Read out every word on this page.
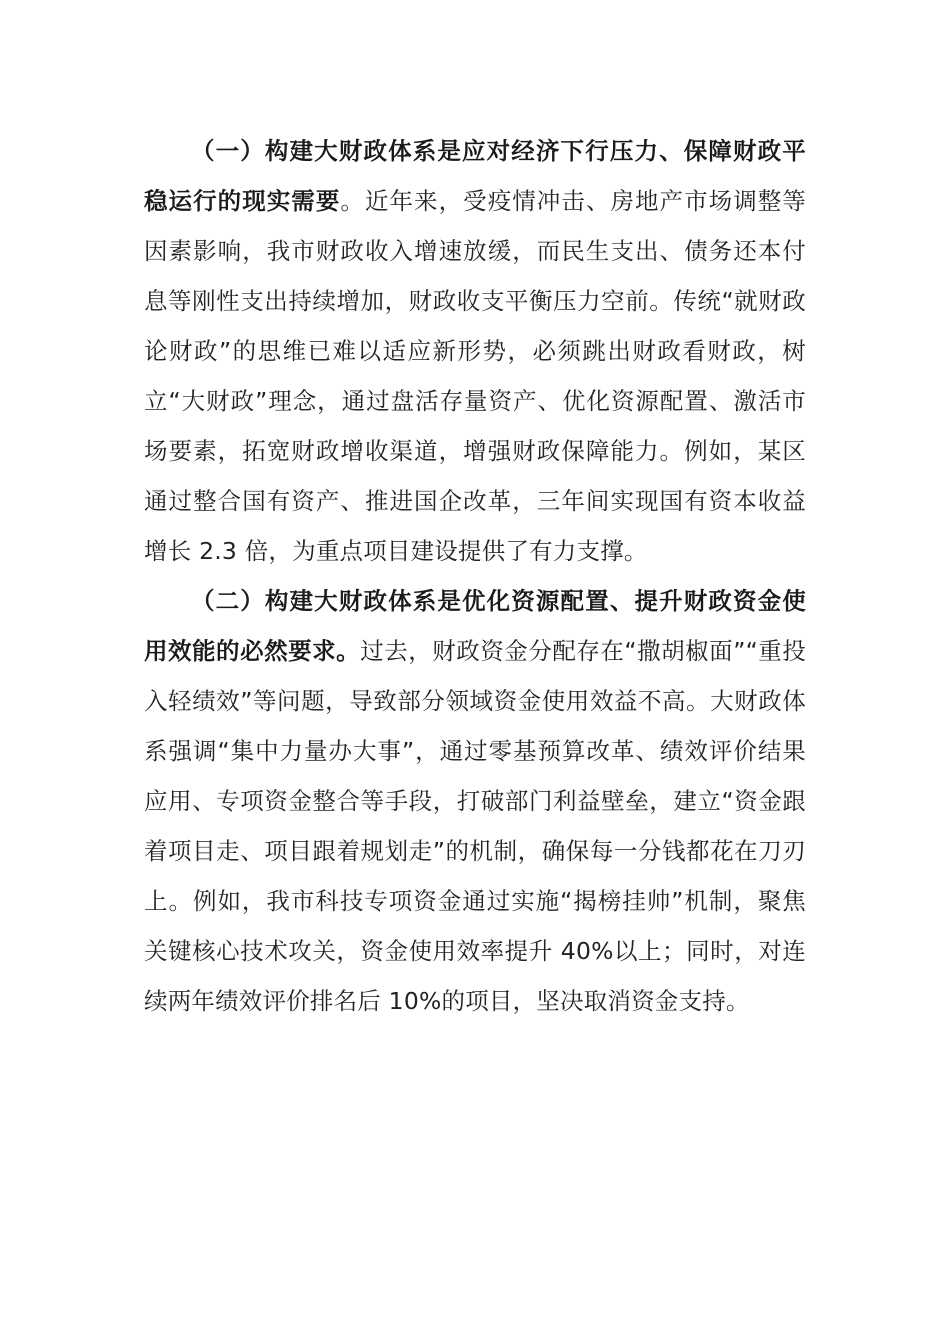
（一）构建大财政体系是应对经济下行压力、保障财政平稳运行的现实需要。近年来，受疫情冲击、房地产市场调整等因素影响，我市财政收入增速放缓，而民生支出、债务还本付息等刚性支出持续增加，财政收支平衡压力空前。传统“就财政论财政”的思维已难以适应新形势，必须跳出财政看财政，树立“大财政”理念，通过盘活存量资产、优化资源配置、激活市场要素，拓宽财政增收渠道，增强财政保障能力。例如，某区通过整合国有资产、推进国企改革，三年间实现国有资本收益增长 2.3 倍，为重点项目建设提供了有力支撑。

（二）构建大财政体系是优化资源配置、提升财政资金使用效能的必然要求。过去，财政资金分配存在“撒胡椒面”“重投入轻绩效”等问题，导致部分领域资金使用效益不高。大财政体系强调“集中力量办大事”，通过零基预算改革、绩效评价结果应用、专项资金整合等手段，打破部门利益壁垒，建立“资金跟着项目走、项目跟着规划走”的机制，确保每一分钱都花在刀刃上。例如，我市科技专项资金通过实施“揭榜挂帅”机制，聚焦关键核心技术攻关，资金使用效率提升 40%以上；同时，对连续两年绩效评价排名后 10%的项目，坚决取消资金支持。
